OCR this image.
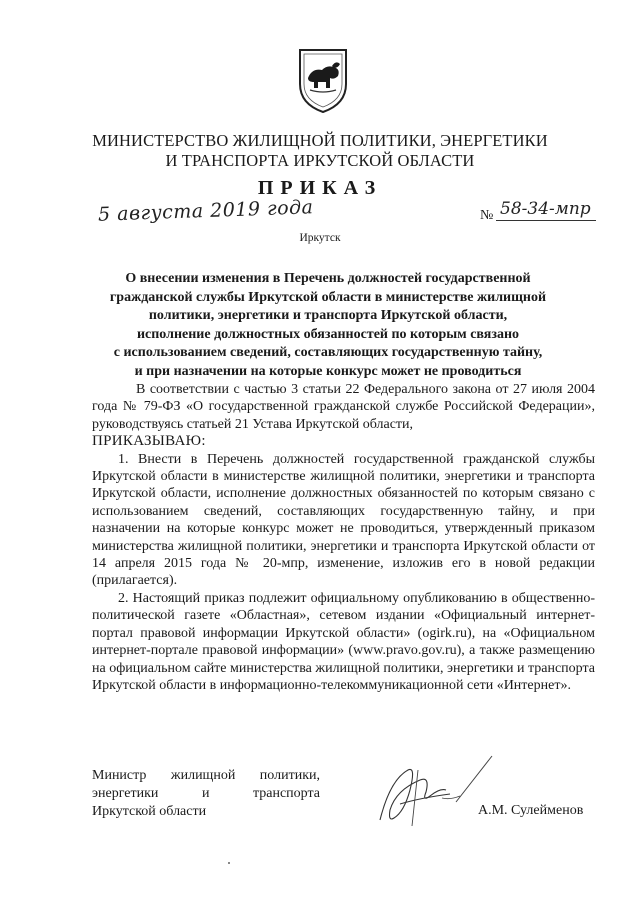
МИНИСТЕРСТВО ЖИЛИЩНОЙ ПОЛИТИКИ, ЭНЕРГЕТИКИ
И ТРАНСПОРТА ИРКУТСКОЙ ОБЛАСТИ
ПРИКАЗ
5 августа 2019 года	№ 58-34-мпр
Иркутск
О внесении изменения в Перечень должностей государственной
гражданской службы Иркутской области в министерстве жилищной
политики, энергетики и транспорта Иркутской области,
исполнение должностных обязанностей по которым связано
с использованием сведений, составляющих государственную тайну,
и при назначении на которые конкурс может не проводиться

В соответствии с частью 3 статьи 22 Федерального закона от 27 июля 2004 года № 79-ФЗ «О государственной гражданской службе Российской Федерации», руководствуясь статьей 21 Устава Иркутской области,

ПРИКАЗЫВАЮ:

1. Внести в Перечень должностей государственной гражданской службы Иркутской области в министерстве жилищной политики, энергетики и транспорта Иркутской области, исполнение должностных обязанностей по которым связано с использованием сведений, составляющих государственную тайну, и при назначении на которые конкурс может не проводиться, утвержденный приказом министерства жилищной политики, энергетики и транспорта Иркутской области от 14 апреля 2015 года № 20-мпр, изменение, изложив его в новой редакции (прилагается).

2. Настоящий приказ подлежит официальному опубликованию в общественно-политической газете «Областная», сетевом издании «Официальный интернет-портал правовой информации Иркутской области» (ogirk.ru), на «Официальном интернет-портале правовой информации» (www.pravo.gov.ru), а также размещению на официальном сайте министерства жилищной политики, энергетики и транспорта Иркутской области в информационно-телекоммуникационной сети «Интернет».

Министр жилищной политики,

энергетики и транспорта

Иркутской области	А.М. Сулейменов
